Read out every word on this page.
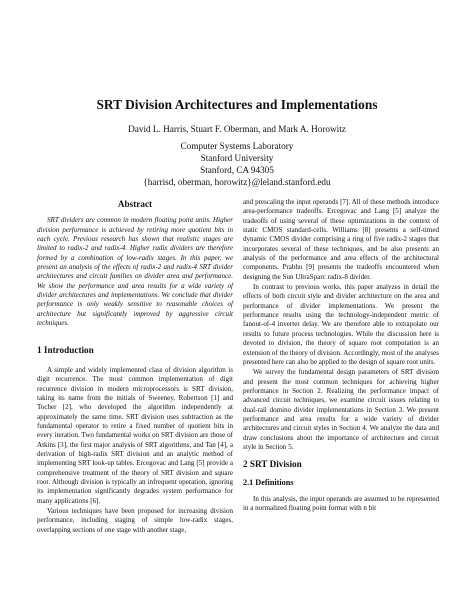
SRT Division Architectures and Implementations
David L. Harris, Stuart F. Oberman, and Mark A. Horowitz
Computer Systems Laboratory
Stanford University
Stanford, CA 94305
{harrisd, oberman, horowitz}@leland.stanford.edu

Abstract

SRT dividers are common in modern floating point units. Higher division performance is achieved by retiring more quotient bits in each cycle. Previous research has shown that realistic stages are limited to radix-2 and radix-4. Higher radix dividers are therefore formed by a combination of low-radix stages. In this paper, we present an analysis of the effects of radix-2 and radix-4 SRT divider architectures and circuit families on divider area and performance. We show the performance and area results for a wide variety of divider architectures and implementations. We conclude that divider performance is only weakly sensitive to reasonable choices of architecture but significantly improved by aggressive circuit techniques.

1 Introduction

A simple and widely implemented class of division algorithm is digit recurrence. The most common implementation of digit recurrence division in modern microprocessors is SRT division, taking its name from the initials of Sweeney, Robertson [1] and Tocher [2], who developed the algorithm independently at approximately the same time. SRT division uses subtraction as the fundamental operator to retire a fixed number of quotient bits in every iteration. Two fundamental works on SRT division are those of Atkins [3], the first major analysis of SRT algorithms, and Tan [4], a derivation of high-radix SRT division and an analytic method of implementing SRT look-up tables. Ercegovac and Lang [5] provide a comprehensive treatment of the theory of SRT division and square root. Although division is typically an infrequent operation, ignoring its implementation significantly degrades system performance for many applications [6].

Various techniques have been proposed for increasing division performance, including staging of simple low-radix stages, overlapping sections of one stage with another stage,

and prescaling the input operands [7]. All of these methods introduce area-performance tradeoffs. Ercegovac and Lang [5] analyze the tradeoffs of using several of these optimizations in the context of static CMOS standard-cells. Williams [8] presents a self-timed dynamic CMOS divider comprising a ring of five radix-2 stages that incorporates several of these techniques, and he also presents an analysis of the performance and area effects of the architectural components. Prabhu [9] presents the tradeoffs encountered when designing the Sun UltraSparc radix-8 divider.

In contrast to previous works, this paper analyzes in detail the effects of both circuit style and divider architecture on the area and performance of divider implementations. We present the performance results using the technology-independent metric of fanout-of-4 inverter delay. We are therefore able to extrapolate our results to future process technologies. While the discussion here is devoted to division, the theory of square root computation is an extension of the theory of division. Accordingly, most of the analyses presented here can also be applied to the design of square root units.

We survey the fundamental design parameters of SRT division and present the most common techniques for achieving higher performance in Section 2. Realizing the performance impact of advanced circuit techniques, we examine circuit issues relating to dual-rail domino divider implementations in Section 3. We present performance and area results for a wide variety of divider architectures and circuit styles in Section 4. We analyze the data and draw conclusions about the importance of architecture and circuit style in Section 5.

2 SRT Division

2.1 Definitions

In this analysis, the input operands are assumed to be represented in a normalized floating point format with n bit
